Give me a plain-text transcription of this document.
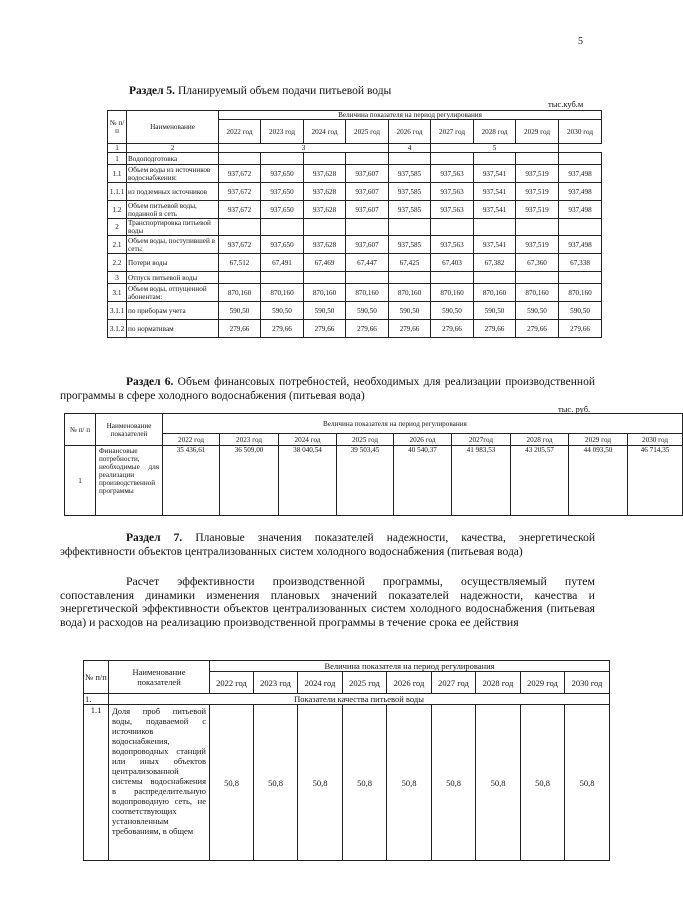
5
Раздел 5. Планируемый объем подачи питьевой воды
тыс.куб.м
№ п/п	Наименование	Величина показателя на период регулирования								
		2022 год	2023 год	2024 год	2025 год	2026 год	2027 год	2028 год	2029 год	2030 год
1	2	3				4	5			
1	Водоподготовка									
1.1	Объем воды из источников водоснабжения:	937,672	937,650	937,628	937,607	937,585	937,563	937,541	937,519	937,498
1.1.1	из подземных источников	937,672	937,650	937,628	937,607	937,585	937,563	937,541	937,519	937,498
1.2	Объем питьевой воды, поданной в сеть	937,672	937,650	937,628	937,607	937,585	937,563	937,541	937,519	937,498
2	Транспортировка питьевой воды									
2.1	Объем воды, поступившей в сеть:	937,672	937,650	937,628	937,607	937,585	937,563	937,541	937,519	937,498
2.2	Потери воды	67,512	67,491	67,469	67,447	67,425	67,403	67,382	67,360	67,338
3	Отпуск питьевой воды									
3.1	Объем воды, отпущенной абонентам:	870,160	870,160	870,160	870,160	870,160	870,160	870,160	870,160	870,160
3.1.1	по приборам учета	590,50	590,50	590,50	590,50	590,50	590,50	590,50	590,50	590,50
3.1.2	по нормативам	279,66	279,66	279,66	279,66	279,66	279,66	279,66	279,66	279,66
Раздел 6. Объем финансовых потребностей, необходимых для реализации производственной программы в сфере холодного водоснабжения (питьевая вода)
тыс. руб.
№ п/ п	Наименование показателей	Величина показателя на период регулирования								
		2022 год	2023 год	2024 год	2025 год	2026 год	2027год	2028 год	2029 год	2030 год
1	Финансовые потребности, необходимые для реализации производственной программы	35 436,61	36 509,00	38 040,54	39 503,45	40 540,37	41 983,53	43 205,57	44 093,50	46 714,35
Раздел 7. Плановые значения показателей надежности, качества, энергетической эффективности объектов централизованных систем холодного водоснабжения (питьевая вода)
Расчет эффективности производственной программы, осуществляемый путем сопоставления динамики изменения плановых значений показателей надежности, качества и энергетической эффективности объектов централизованных систем холодного водоснабжения (питьевая вода) и расходов на реализацию производственной программы в течение срока ее действия
№ п/п	Наименование показателей	Величина показателя на период регулирования								
		2022 год	2023 год	2024 год	2025 год	2026 год	2027 год	2028 год	2029 год	2030 год
1.	Показатели качества питьевой воды									
1.1	Доля проб питьевой воды, подаваемой с источников водоснабжения, водопроводных станций или иных объектов централизованной системы водоснабжения в распределительную водопроводную сеть, не соответствующих установленным требованиям, в общем	50,8	50,8	50,8	50,8	50,8	50,8	50,8	50,8	50,8
